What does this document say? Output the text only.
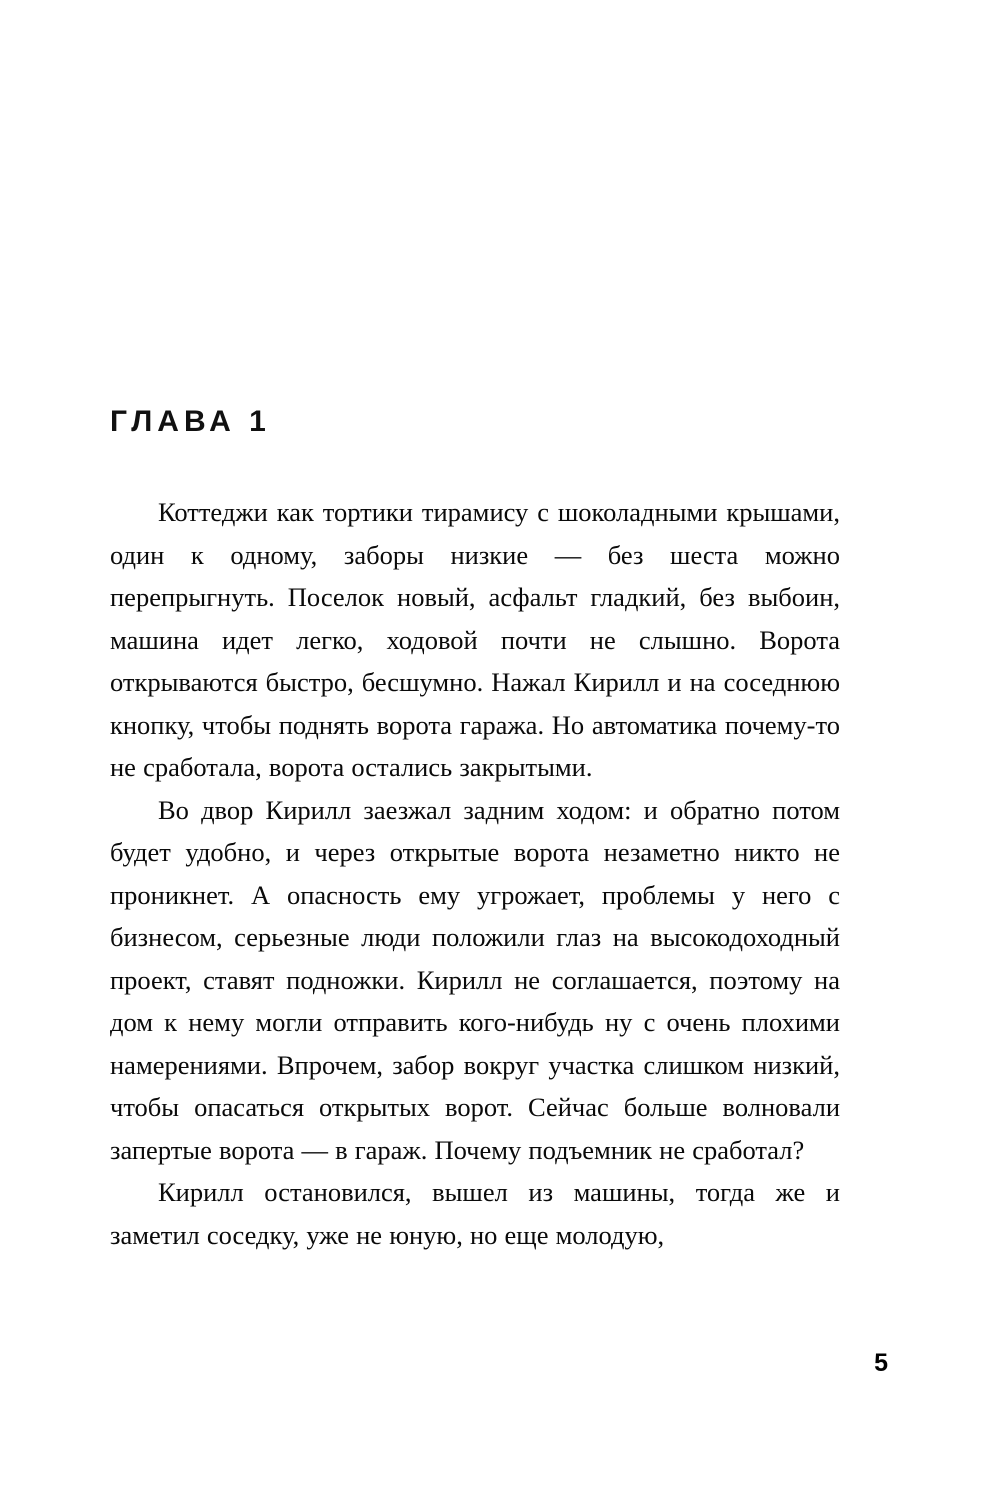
ГЛАВА 1

Коттеджи как тортики тирамису с шоколадными крышами, один к одному, заборы низкие — без шеста можно перепрыгнуть. Поселок новый, асфальт гладкий, без выбоин, машина идет легко, ходовой почти не слышно. Ворота открываются быстро, бесшумно. Нажал Кирилл и на соседнюю кнопку, чтобы поднять ворота гаража. Но автоматика почему-то не сработала, ворота остались закрытыми.

Во двор Кирилл заезжал задним ходом: и обратно потом будет удобно, и через открытые ворота незаметно никто не проникнет. А опасность ему угрожает, проблемы у него с бизнесом, серьезные люди положили глаз на высокодоходный проект, ставят подножки. Кирилл не соглашается, поэтому на дом к нему могли отправить кого-нибудь ну с очень плохими намерениями. Впрочем, забор вокруг участка слишком низкий, чтобы опасаться открытых ворот. Сейчас больше волновали запертые ворота — в гараж. Почему подъемник не сработал?

Кирилл остановился, вышел из машины, тогда же и заметил соседку, уже не юную, но еще молодую,

5
